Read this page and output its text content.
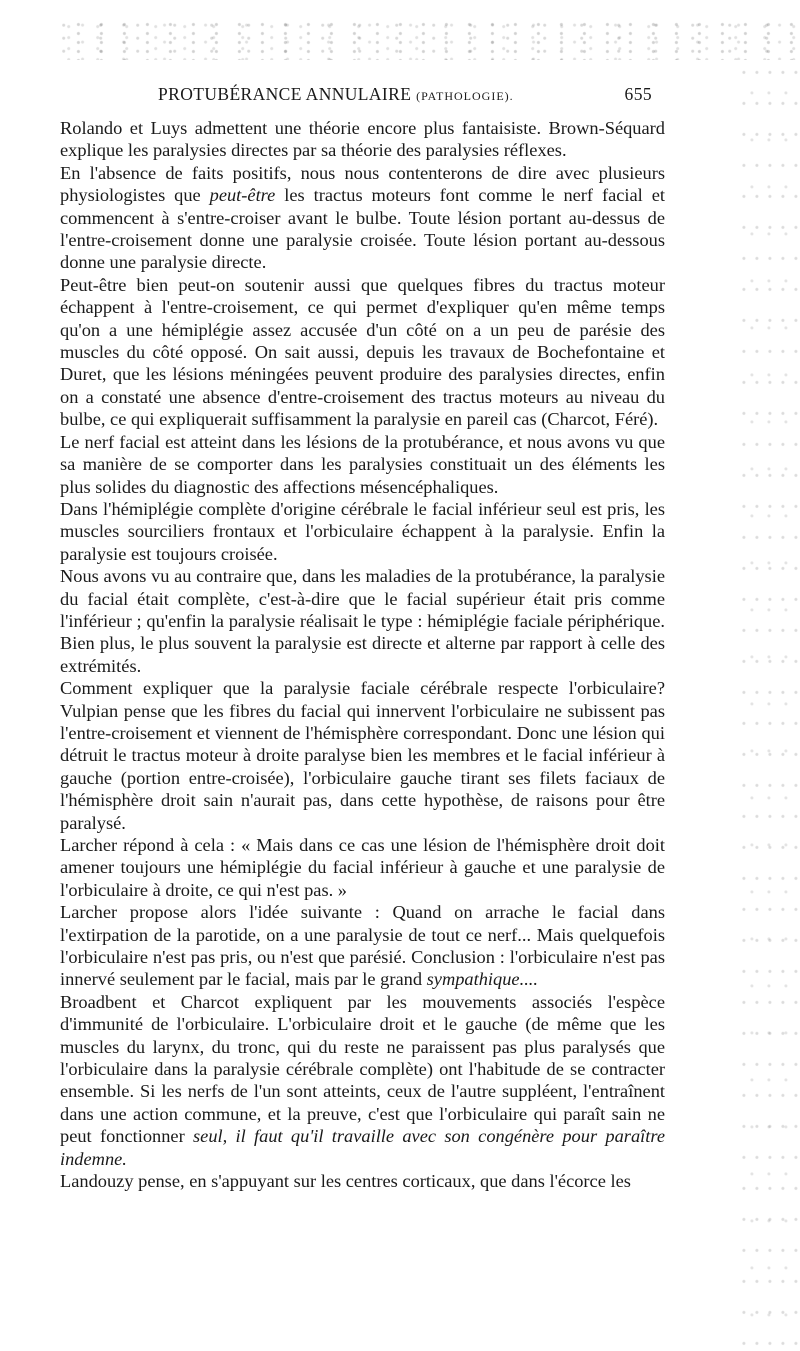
PROTUBÉRANCE ANNULAIRE (PATHOLOGIE).	655

Rolando et Luys admettent une théorie encore plus fantaisiste. Brown-Séquard explique les paralysies directes par sa théorie des paralysies réflexes.

En l'absence de faits positifs, nous nous contenterons de dire avec plusieurs physiologistes que peut-être les tractus moteurs font comme le nerf facial et commencent à s'entre-croiser avant le bulbe. Toute lésion portant au-dessus de l'entre-croisement donne une paralysie croisée. Toute lésion portant au-dessous donne une paralysie directe.

Peut-être bien peut-on soutenir aussi que quelques fibres du tractus moteur échappent à l'entre-croisement, ce qui permet d'expliquer qu'en même temps qu'on a une hémiplégie assez accusée d'un côté on a un peu de parésie des muscles du côté opposé. On sait aussi, depuis les travaux de Bochefontaine et Duret, que les lésions méningées peuvent produire des paralysies directes, enfin on a constaté une absence d'entre-croisement des tractus moteurs au niveau du bulbe, ce qui expliquerait suffisamment la paralysie en pareil cas (Charcot, Féré).

Le nerf facial est atteint dans les lésions de la protubérance, et nous avons vu que sa manière de se comporter dans les paralysies constituait un des éléments les plus solides du diagnostic des affections mésencéphaliques.

Dans l'hémiplégie complète d'origine cérébrale le facial inférieur seul est pris, les muscles sourciliers frontaux et l'orbiculaire échappent à la paralysie. Enfin la paralysie est toujours croisée.

Nous avons vu au contraire que, dans les maladies de la protubérance, la paralysie du facial était complète, c'est-à-dire que le facial supérieur était pris comme l'inférieur ; qu'enfin la paralysie réalisait le type : hémiplégie faciale périphérique. Bien plus, le plus souvent la paralysie est directe et alterne par rapport à celle des extrémités.

Comment expliquer que la paralysie faciale cérébrale respecte l'orbiculaire? Vulpian pense que les fibres du facial qui innervent l'orbiculaire ne subissent pas l'entre-croisement et viennent de l'hémisphère correspondant. Donc une lésion qui détruit le tractus moteur à droite paralyse bien les membres et le facial inférieur à gauche (portion entre-croisée), l'orbiculaire gauche tirant ses filets faciaux de l'hémisphère droit sain n'aurait pas, dans cette hypothèse, de raisons pour être paralysé.

Larcher répond à cela : « Mais dans ce cas une lésion de l'hémisphère droit doit amener toujours une hémiplégie du facial inférieur à gauche et une paralysie de l'orbiculaire à droite, ce qui n'est pas. »

Larcher propose alors l'idée suivante : Quand on arrache le facial dans l'extirpation de la parotide, on a une paralysie de tout ce nerf... Mais quelquefois l'orbiculaire n'est pas pris, ou n'est que parésié. Conclusion : l'orbiculaire n'est pas innervé seulement par le facial, mais par le grand sympathique....

Broadbent et Charcot expliquent par les mouvements associés l'espèce d'immunité de l'orbiculaire. L'orbiculaire droit et le gauche (de même que les muscles du larynx, du tronc, qui du reste ne paraissent pas plus paralysés que l'orbiculaire dans la paralysie cérébrale complète) ont l'habitude de se contracter ensemble. Si les nerfs de l'un sont atteints, ceux de l'autre suppléent, l'entraînent dans une action commune, et la preuve, c'est que l'orbiculaire qui paraît sain ne peut fonctionner seul, il faut qu'il travaille avec son congénère pour paraître indemne.

Landouzy pense, en s'appuyant sur les centres corticaux, que dans l'écorce les
